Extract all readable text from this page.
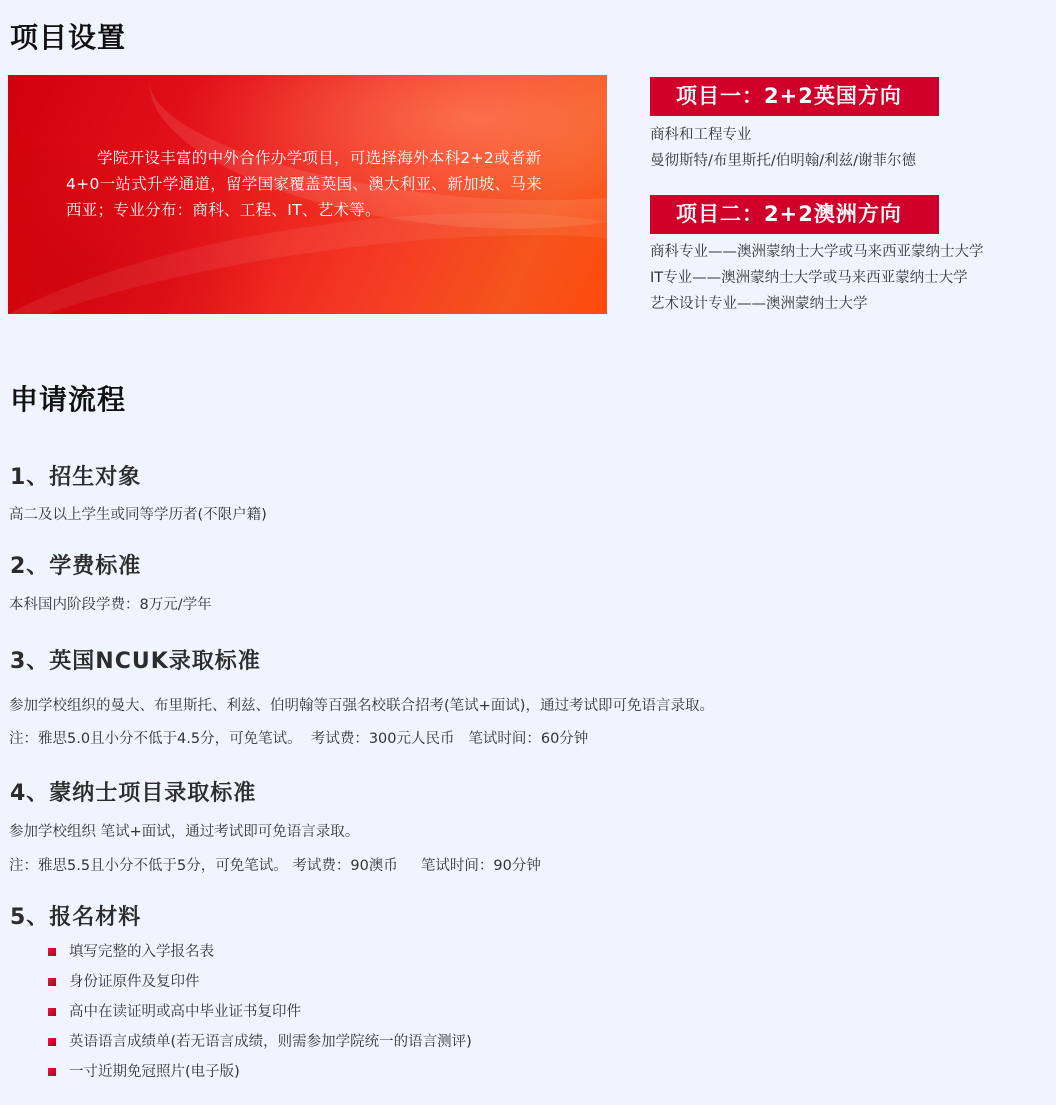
项目设置

学院开设丰富的中外合作办学项目，可选择海外本科2+2或者新4+0一站式升学通道，留学国家覆盖英国、澳大利亚、新加坡、马来西亚；专业分布：商科、工程、IT、艺术等。

项目一：2+2英国方向
商科和工程专业
曼彻斯特/布里斯托/伯明翰/利兹/谢菲尔德
项目二：2+2澳洲方向
商科专业——澳洲蒙纳士大学或马来西亚蒙纳士大学
IT专业——澳洲蒙纳士大学或马来西亚蒙纳士大学
艺术设计专业——澳洲蒙纳士大学
申请流程
1、招生对象

高二及以上学生或同等学历者(不限户籍)

2、学费标准

本科国内阶段学费：8万元/学年

3、英国NCUK录取标准

参加学校组织的曼大、布里斯托、利兹、伯明翰等百强名校联合招考(笔试+面试)，通过考试即可免语言录取。

注：雅思5.0且小分不低于4.5分，可免笔试。  考试费：300元人民币   笔试时间：60分钟

4、蒙纳士项目录取标准

参加学校组织 笔试+面试，通过考试即可免语言录取。

注：雅思5.5且小分不低于5分，可免笔试。 考试费：90澳币     笔试时间：90分钟

5、报名材料
填写完整的入学报名表
身份证原件及复印件
高中在读证明或高中毕业证书复印件
英语语言成绩单(若无语言成绩，则需参加学院统一的语言测评)
一寸近期免冠照片(电子版)
